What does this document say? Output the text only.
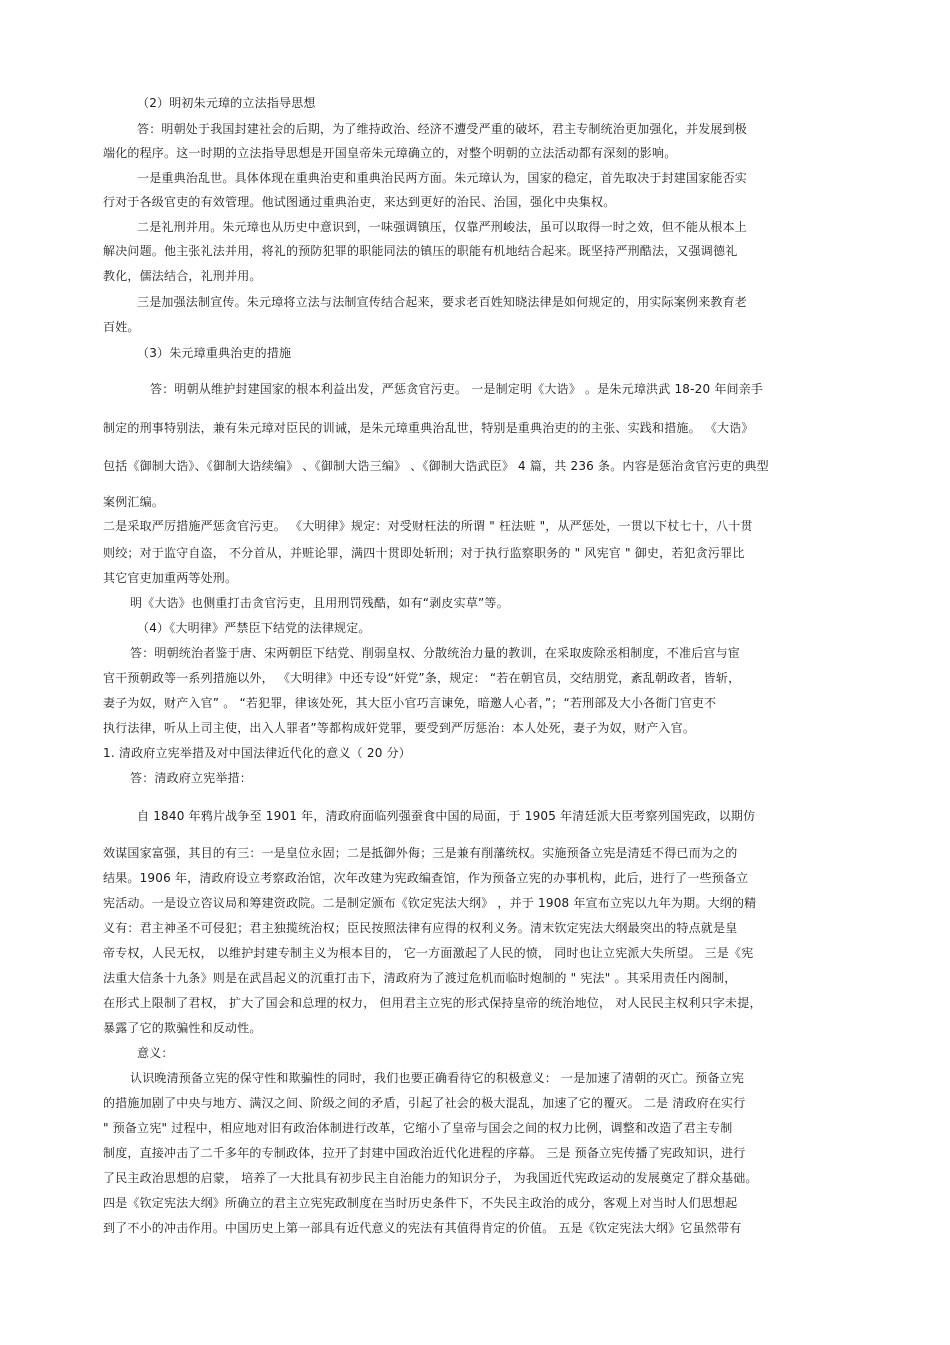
（2）明初朱元璋的立法指导思想

答：明朝处于我国封建社会的后期，为了维持政治、经济不遭受严重的破坏，君主专制统治更加强化，并发展到极

端化的程序。这一时期的立法指导思想是开国皇帝朱元璋确立的，对整个明朝的立法活动都有深刻的影响。

一是重典治乱世。具体体现在重典治吏和重典治民两方面。朱元璋认为，国家的稳定，首先取决于封建国家能否实

行对于各级官吏的有效管理。他试图通过重典治吏，来达到更好的治民、治国，强化中央集权。

二是礼刑并用。朱元璋也从历史中意识到，一味强调镇压，仅靠严刑峻法，虽可以取得一时之效，但不能从根本上

解决问题。他主张礼法并用，将礼的预防犯罪的职能同法的镇压的职能有机地结合起来。既坚持严刑酷法，又强调德礼

教化，儒法结合，礼刑并用。

三是加强法制宣传。朱元璋将立法与法制宣传结合起来，要求老百姓知晓法律是如何规定的，用实际案例来教育老

百姓。

（3）朱元璋重典治吏的措施

答：明朝从维护封建国家的根本利益出发，严惩贪官污吏。 一是制定明《大诰》 。是朱元璋洪武 18-20 年间亲手

制定的刑事特别法，兼有朱元璋对臣民的训诫，是朱元璋重典治乱世，特别是重典治吏的的主张、实践和措施。 《大诰》

包括《御制大诰》、《御制大诰续编》 、《御制大诰三编》 、《御制大诰武臣》 4 篇，共 236 条。内容是惩治贪官污吏的典型

案例汇编。

二是采取严厉措施严惩贪官污吏。 《大明律》规定：对受财枉法的所谓 " 枉法赃 "，从严惩处，一贯以下杖七十，八十贯

则绞；对于监守自盗， 不分首从，并赃论罪，满四十贯即处斩刑；对于执行监察职务的 " 风宪官 " 御史，若犯贪污罪比

其它官吏加重两等处刑。

明《大诰》也侧重打击贪官污吏，且用刑罚残酷，如有“剥皮实草”等。

（4）《大明律》严禁臣下结党的法律规定。

答：明朝统治者鉴于唐、宋两朝臣下结党、削弱皇权、分散统治力量的教训，在采取废除丞相制度，不准后宫与宦

官干预朝政等一系列措施以外， 《大明律》中还专设“奸党”条，规定： “若在朝官员，交结朋党，紊乱朝政者，皆斩，

妻子为奴，财产入官” 。 “若犯罪，律该处死，其大臣小官巧言谏免，暗邀人心者，”；“若刑部及大小各衙门官吏不

执行法律，听从上司主使，出入人罪者”等都构成奸党罪，要受到严厉惩治：本人处死，妻子为奴，财产入官。

1. 清政府立宪举措及对中国法律近代化的意义（ 20 分）

答：清政府立宪举措：

自 1840 年鸦片战争至 1901 年，清政府面临列强蚕食中国的局面，于 1905 年清廷派大臣考察列国宪政，以期仿

效谋国家富强，其目的有三：一是皇位永固；二是抵御外侮；三是兼有削藩统权。实施预备立宪是清廷不得已而为之的

结果。1906 年，清政府设立考察政治馆，次年改建为宪政编查馆，作为预备立宪的办事机构，此后，进行了一些预备立

宪活动。一是设立咨议局和筹建资政院。二是制定颁布《钦定宪法大纲》 ，并于 1908 年宣布立宪以九年为期。大纲的精

义有：君主神圣不可侵犯；君主独揽统治权；臣民按照法律有应得的权利义务。清末钦定宪法大纲最突出的特点就是皇

帝专权，人民无权， 以维护封建专制主义为根本目的， 它一方面激起了人民的愤， 同时也让立宪派大失所望。 三是《宪

法重大信条十九条》则是在武昌起义的沉重打击下，清政府为了渡过危机而临时炮制的 " 宪法" 。其采用责任内阁制，

在形式上限制了君权， 扩大了国会和总理的权力， 但用君主立宪的形式保持皇帝的统治地位， 对人民民主权利只字未提，

暴露了它的欺骗性和反动性。

意义：

认识晚清预备立宪的保守性和欺骗性的同时，我们也要正确看待它的积极意义： 一是加速了清朝的灭亡。预备立宪

的措施加剧了中央与地方、满汉之间、阶级之间的矛盾，引起了社会的极大混乱，加速了它的覆灭。 二是 清政府在实行

" 预备立宪" 过程中，相应地对旧有政治体制进行改革，它缩小了皇帝与国会之间的权力比例，调整和改造了君主专制

制度，直接冲击了二千多年的专制政体，拉开了封建中国政治近代化进程的序幕。 三是 预备立宪传播了宪政知识，进行

了民主政治思想的启蒙， 培养了一大批具有初步民主自治能力的知识分子， 为我国近代宪政运动的发展奠定了群众基础。

四是《钦定宪法大纲》所确立的君主立宪宪政制度在当时历史条件下，不失民主政治的成分，客观上对当时人们思想起

到了不小的冲击作用。中国历史上第一部具有近代意义的宪法有其值得肯定的价值。 五是《钦定宪法大纲》它虽然带有
